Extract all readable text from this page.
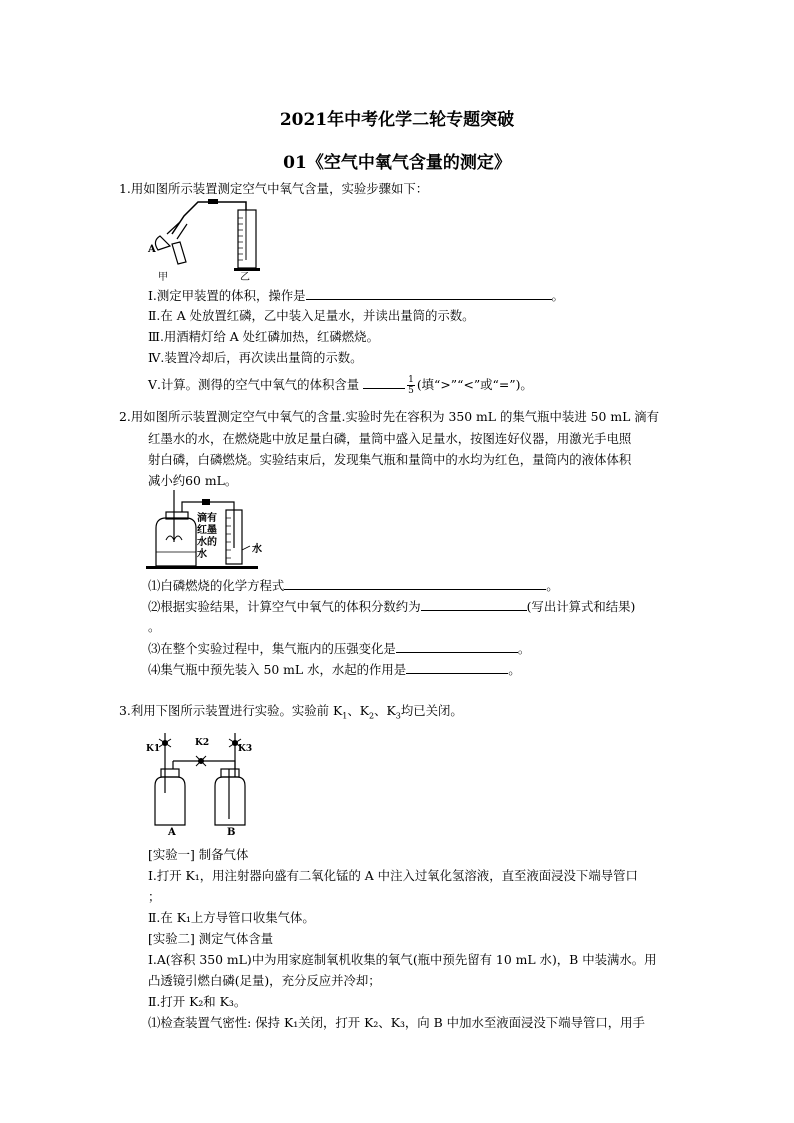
2021年中考化学二轮专题突破
01《空气中氧气含量的测定》
1.用如图所示装置测定空气中氧气含量，实验步骤如下：
A
甲	乙
Ⅰ.测定甲装置的体积，操作是	。
Ⅱ.在 A 处放置红磷，乙中装入足量水，并读出量筒的示数。
Ⅲ.用酒精灯给 A 处红磷加热，红磷燃烧。
Ⅳ.装置冷却后，再次读出量筒的示数。
Ⅴ.计算。测得的空气中氧气的体积含量	$\frac{1}{5}$ (填“>”“<”或“=”)。
2.用如图所示装置测定空气中氧气的含量.实验时先在容积为 350 mL 的集气瓶中装进 50 mL 滴有
红墨水的水，在燃烧匙中放足量白磷，量筒中盛入足量水，按图连好仪器，用激光手电照
射白磷，白磷燃烧。实验结束后，发现集气瓶和量筒中的水均为红色，量筒内的液体体积
减小约60 mL。
滴有
红墨
水的
水	水
⑴白磷燃烧的化学方程式	。
⑵根据实验结果，计算空气中氧气的体积分数约为	(写出计算式和结果)
。
⑶在整个实验过程中，集气瓶内的压强变化是	。
⑷集气瓶中预先装入 50 mL 水，水起的作用是	。
3.利用下图所示装置进行实验。实验前 $K_1$、$K_2$、$K_3$均已关闭。
K1
K2
K3
A	B
[实验一] 制备气体
Ⅰ.打开 K₁，用注射器向盛有二氧化锰的 A 中注入过氧化氢溶液，直至液面浸没下端导管口
；
Ⅱ.在 K₁上方导管口收集气体。
[实验二] 测定气体含量
Ⅰ.A(容积 350 mL)中为用家庭制氧机收集的氧气(瓶中预先留有 10 mL 水)，B 中装满水。用
凸透镜引燃白磷(足量)，充分反应并冷却；
Ⅱ.打开 K₂和 K₃。
⑴检查装置气密性: 保持 K₁关闭，打开 K₂、K₃，向 B 中加水至液面浸没下端导管口，用手
